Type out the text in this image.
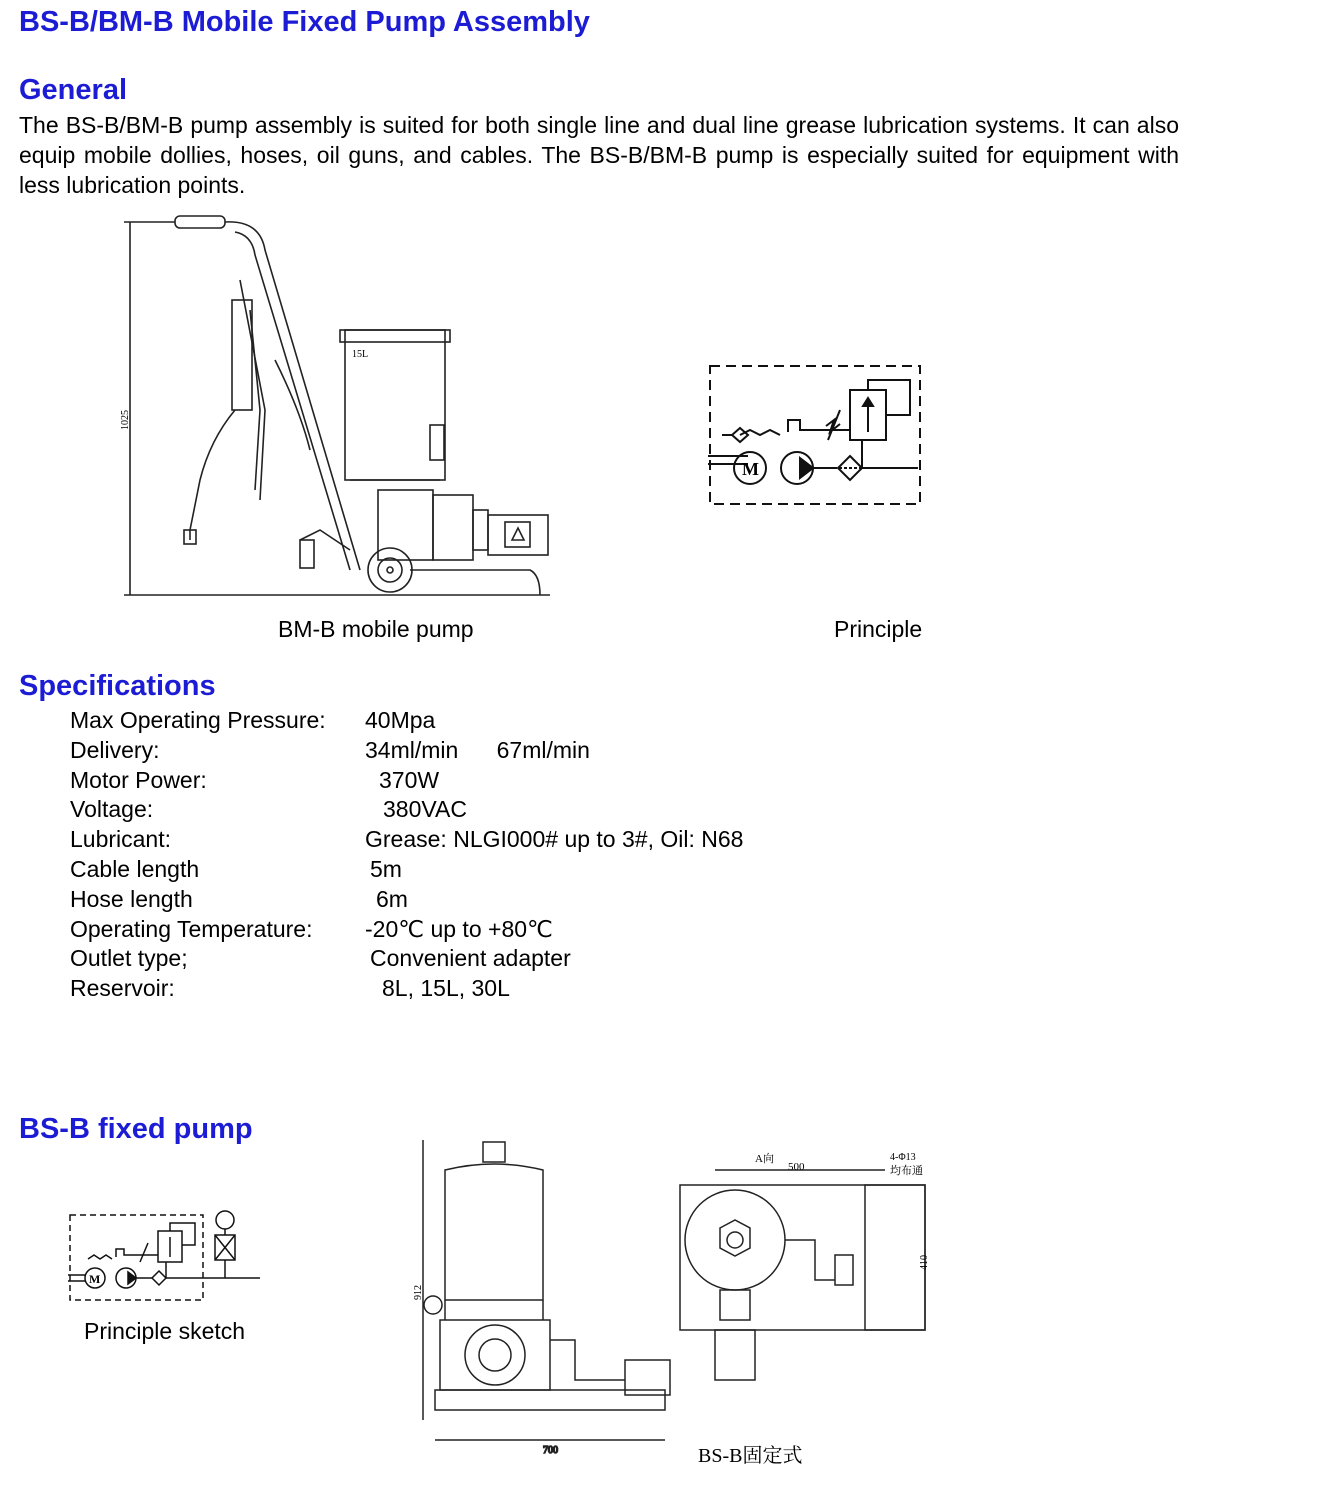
BS-B/BM-B Mobile Fixed Pump Assembly
General

The BS-B/BM-B pump assembly is suited for both single line and dual line grease lubrication systems. It can also equip mobile dollies, hoses, oil guns, and cables. The BS-B/BM-B pump is especially suited for equipment with less lubrication points.

15L
1025
BM-B mobile pump
M
Principle
Specifications
Max Operating Pressure: 40Mpa
Delivery:	34ml/min      67ml/min
Motor Power:	370W
Voltage:	380VAC
Lubricant:	Grease: NLGI000# up to 3#, Oil: N68
Cable length	5m
Hose length	6m
Operating Temperature: -20℃ up to +80℃
Outlet type;	Convenient adapter
Reservoir:	8L, 15L, 30L
BS-B fixed pump
M
Principle sketch
700
A向
500
4-Φ13
均布通
410
912
BS-B固定式
